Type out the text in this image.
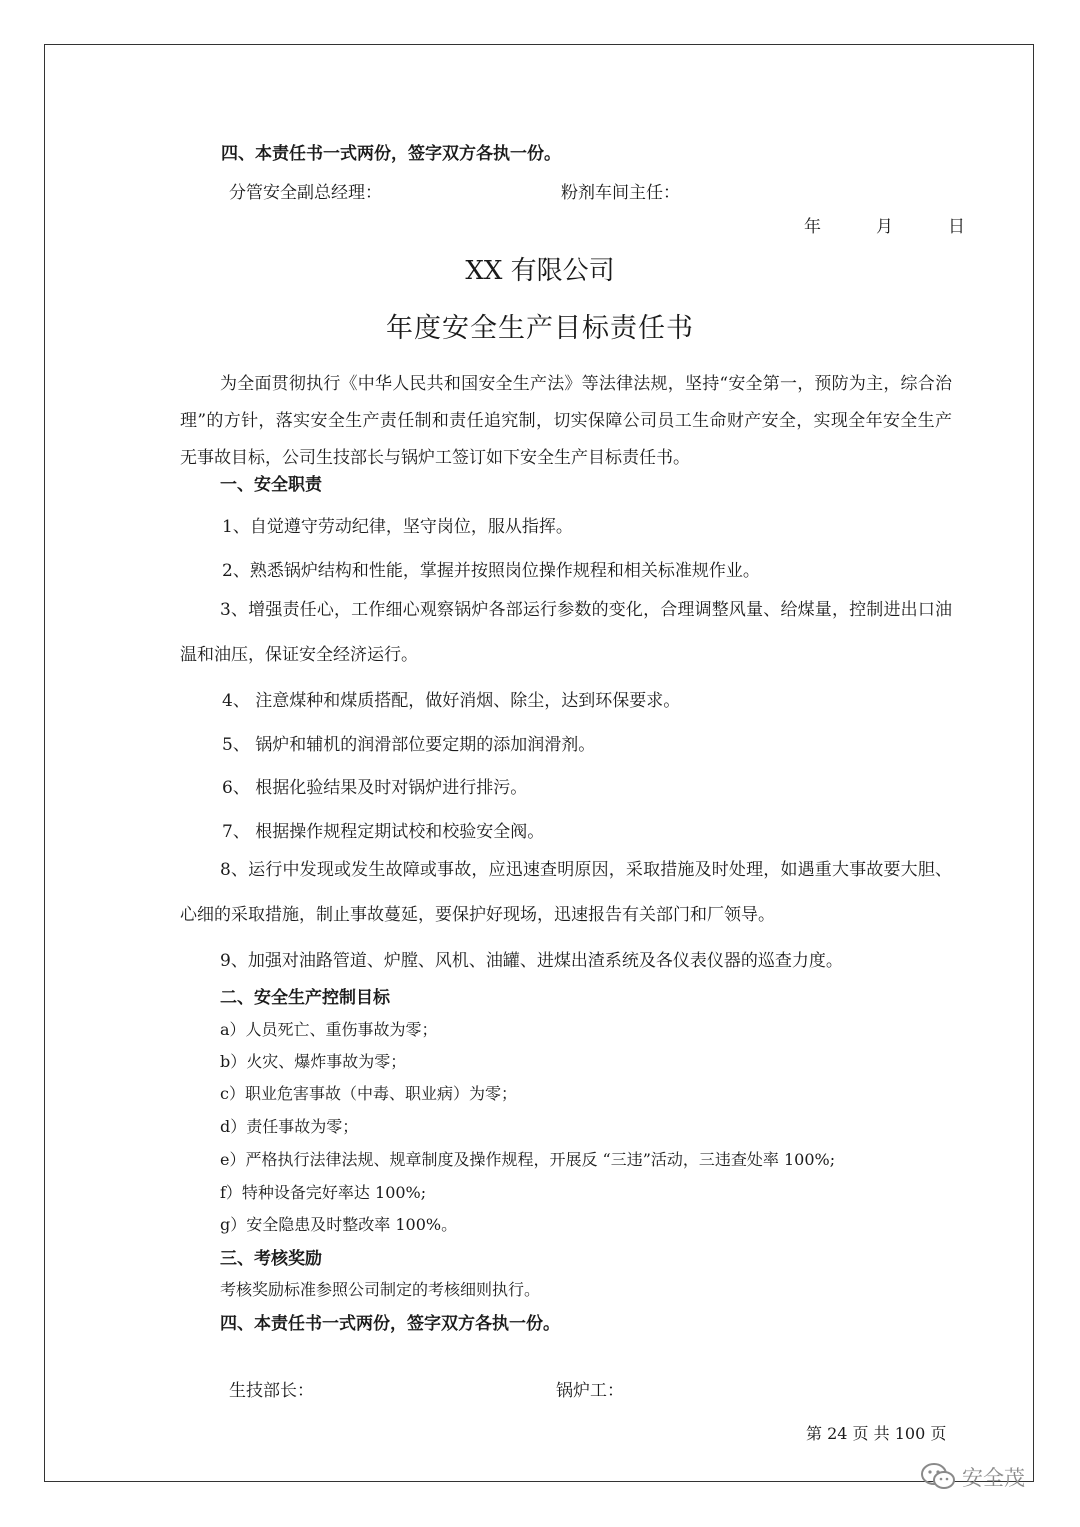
四、本责任书一式两份，签字双方各执一份。
分管安全副总经理：	粉剂车间主任：
年	月	日
XX 有限公司
年度安全生产目标责任书
为全面贯彻执行《中华人民共和国安全生产法》等法律法规，坚持“安全第一，预防为主，综合治理”的方针，落实安全生产责任制和责任追究制，切实保障公司员工生命财产安全，实现全年安全生产无事故目标，公司生技部长与锅炉工签订如下安全生产目标责任书。
一、安全职责
1、自觉遵守劳动纪律，坚守岗位，服从指挥。
2、熟悉锅炉结构和性能，掌握并按照岗位操作规程和相关标准规作业。
3、增强责任心，工作细心观察锅炉各部运行参数的变化，合理调整风量、给煤量，控制进出口油温和油压，保证安全经济运行。
4、 注意煤种和煤质搭配，做好消烟、除尘，达到环保要求。
5、 锅炉和辅机的润滑部位要定期的添加润滑剂。
6、 根据化验结果及时对锅炉进行排污。
7、 根据操作规程定期试校和校验安全阀。
8、运行中发现或发生故障或事故，应迅速查明原因，采取措施及时处理，如遇重大事故要大胆、心细的采取措施，制止事故蔓延，要保护好现场，迅速报告有关部门和厂领导。
9、加强对油路管道、炉膛、风机、油罐、进煤出渣系统及各仪表仪器的巡查力度。
二、安全生产控制目标
a）人员死亡、重伤事故为零；
b）火灾、爆炸事故为零；
c）职业危害事故（中毒、职业病）为零；
d）责任事故为零；
e）严格执行法律法规、规章制度及操作规程，开展反 “三违”活动，三违查处率 100%;
f）特种设备完好率达 100%;
g）安全隐患及时整改率 100%。
三、考核奖励
考核奖励标准参照公司制定的考核细则执行。
四、本责任书一式两份，签字双方各执一份。
生技部长：	锅炉工：
第 24 页 共 100 页
安全茂
